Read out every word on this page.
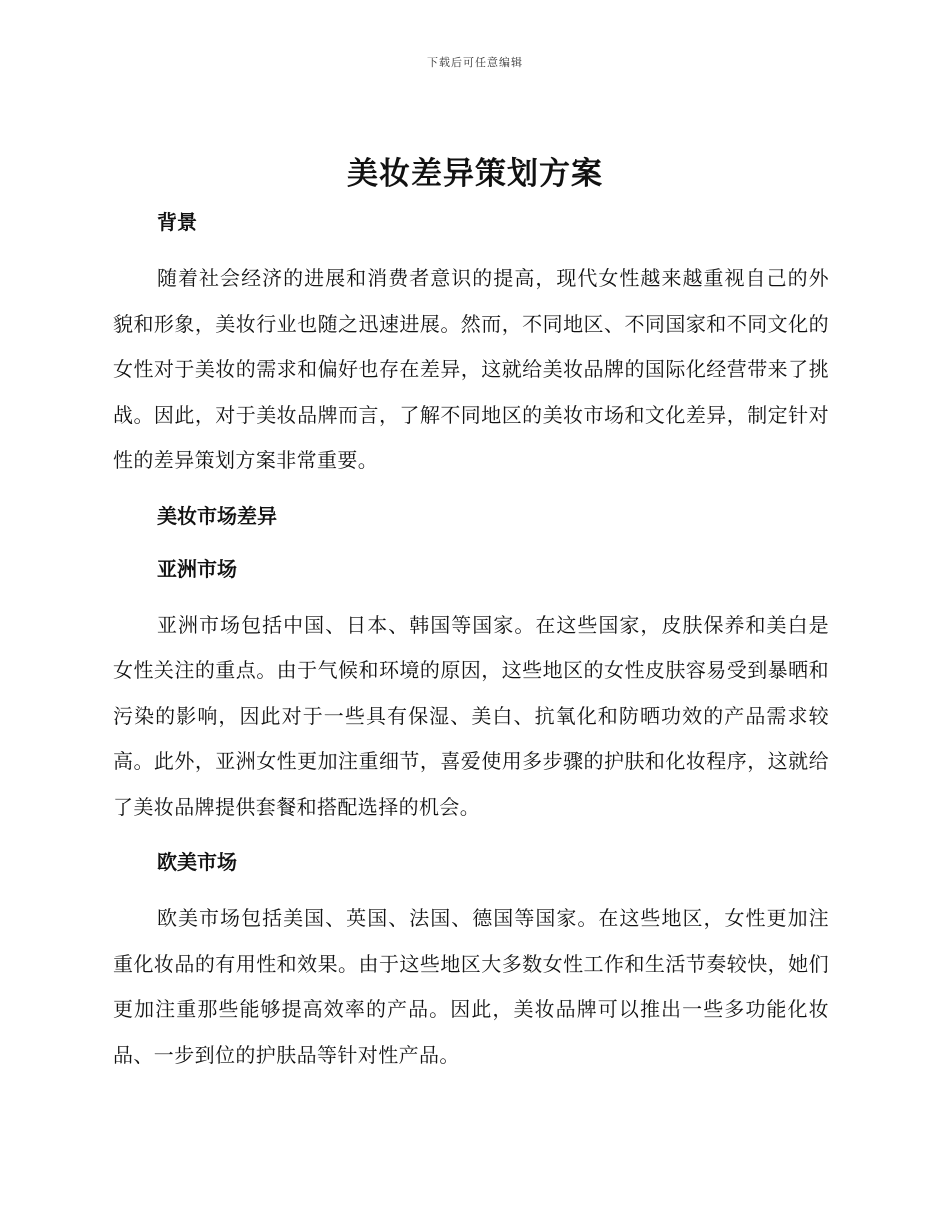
下载后可任意编辑
美妆差异策划方案
背景

随着社会经济的进展和消费者意识的提高，现代女性越来越重视自己的外貌和形象，美妆行业也随之迅速进展。然而，不同地区、不同国家和不同文化的女性对于美妆的需求和偏好也存在差异，这就给美妆品牌的国际化经营带来了挑战。因此，对于美妆品牌而言，了解不同地区的美妆市场和文化差异，制定针对性的差异策划方案非常重要。

美妆市场差异
亚洲市场

亚洲市场包括中国、日本、韩国等国家。在这些国家，皮肤保养和美白是女性关注的重点。由于气候和环境的原因，这些地区的女性皮肤容易受到暴晒和污染的影响，因此对于一些具有保湿、美白、抗氧化和防晒功效的产品需求较高。此外，亚洲女性更加注重细节，喜爱使用多步骤的护肤和化妆程序，这就给了美妆品牌提供套餐和搭配选择的机会。

欧美市场

欧美市场包括美国、英国、法国、德国等国家。在这些地区，女性更加注重化妆品的有用性和效果。由于这些地区大多数女性工作和生活节奏较快，她们更加注重那些能够提高效率的产品。因此，美妆品牌可以推出一些多功能化妆品、一步到位的护肤品等针对性产品。
